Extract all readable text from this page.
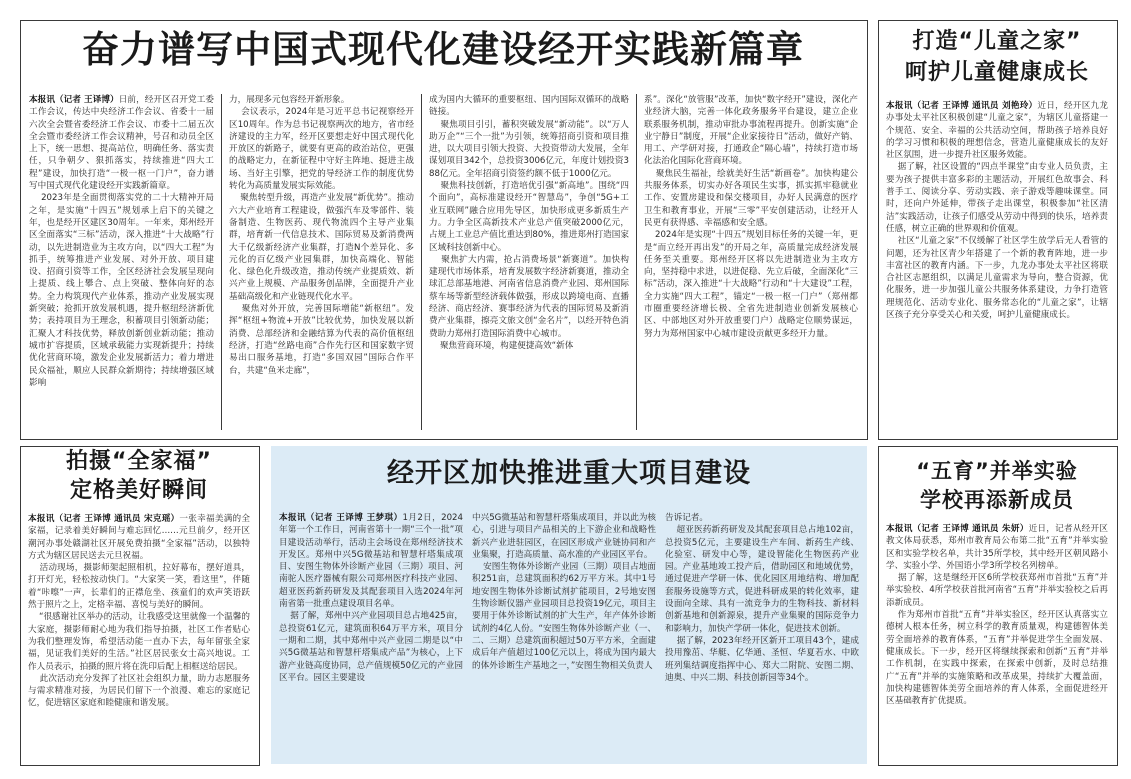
奋力谱写中国式现代化建设经开实践新篇章
本报讯（记者 王译博）日前，经开区召开党工委工作会议，传达中央经济工作会议、省委十一届六次全会暨省委经济工作会议、市委十二届五次全会暨市委经济工作会议精神，号召和动员全区上下，统一思想、提高站位，明确任务、落实责任，只争朝夕、狠抓落实，持续推进“四大工程”建设，加快打造“一极一枢一门户”，奋力谱写中国式现代化建设经开实践新篇章。
2023年是全面贯彻落实党的二十大精神开局之年，是实施“十四五”规划承上启下的关键之年，也是经开区建区30周年。一年来，郑州经开区全面落实“三标”活动，深入推进“十大战略”行动，以先进制造业为主攻方向，以“四大工程”为抓手，统筹推进产业发展、对外开放、项目建设、招商引资等工作，全区经济社会发展呈现向上提质、线上攀合、点上突破、整体向好的态势。全力构筑现代产业体系，推动产业发展实现新突破；抢抓开放发展机遇，提升枢纽经济新优势；表持项目为王理念，积蓄项目引领新动能；汇聚人才科技优势，释放创新创业新动能；推动城市扩容提质，区域承载能力实现新提升；持续优化营商环境，激发企业发展新活力；着力增进民众福祉，顺应人民群众新期待；持续增强区域影响
力，展现多元包容经开新形象。
会议表示，2024年是习近平总书记视察经开区10周年。作为总书记视察两次的地方，省市经济建设的主力军，经开区要想走好中国式现代化开放区的新路子，就要有更高的政治站位，更强的战略定力，在新征程中守好主阵地、挺进主战场、当好主引擎，把党的导经济工作的制度优势转化为高质量发展实际效能。
聚焦转型升级，再造产业发展“新优势”。推动六大产业培育工程建设，做强汽车及零部件、装备制造、生物医药、现代物流四个主导产业集群，培育新一代信息技术、国际贸易及新消费两大千亿级新经济产业集群，打造N个差异化、多元化的百亿级产业园集群，加快高端化、智能化、绿色化升级改造，推动传统产业提质效、新兴产业上规模、产品服务创品牌，全面提升产业基础高级化和产业链现代化水平。
聚焦对外开放，完善国际增能“新枢纽”。发挥“枢纽+物流+开放”比较优势，加快发展以新消费、总部经济和金融结算为代表的高价值枢纽经济，打造“丝路电商”合作先行区和国家数字贸易出口服务基地，打造“多国双园”国际合作平台，共建“鱼米走廊”，
成为国内大循环的重要枢纽、国内国际双循环的战略链接。
聚焦项目引引，蓄积突破发展“新动能”。以“万人助万企”“三个一批”为引领，统筹招商引资和项目推进，以大项目引领大投资、大投资带动大发展，全年谋划项目342个，总投资3006亿元，年度计划投资388亿元。全年招商引资签约额不低于1000亿元。
聚焦科技创新，打造培优引强“新高地”。围绕“四个面向”，高标准建设经开“智慧岛”，争创“5G+工业互联网”融合应用先导区，加快形成更多新质生产力。力争全区高新技术产业总产值突破2000亿元，占规上工业总产值比重达到80%，推进郑州打造国家区域科技创新中心。
聚焦扩大内需，抢占消费场景“新赛道”。加快构建现代市场体系，培育发展数字经济新赛道，推动全球汇总部基地港、河南省信息消费产业园、郑州国际蔡车场等新型经济载体做强，形成以跨境电商、直播经济、商店经济、赛事经济为代表的国际贸易及新消费产业集群，擦亮文旅文创“金名片”，以经开特色消费助力郑州打造国际消费中心城市。
聚焦营商环境，构建便捷高效“新体
系”。深化“放管服”改革，加快“数字经开”建设，深化产业经济大脑，完善一体化政务服务平台建设，建立企业联系服务机制，推动审批办事流程再提升。创新实施“企业宁静日”制度，开展“企业家接待日”活动，做好产销、用工、产学研对接，打通政企“隔心墙”，持续打造市场化法治化国际化营商环境。
聚焦民生福祉，绘就美好生活“新画卷”。加快构建公共服务体系，切实办好各项民生实事，抓实抓牢稳就业工作、安置房建设和保交楼项目，办好人民满意的医疗卫生和教育事业，开展“三零”平安创建活动，让经开人民更有获得感、幸福感和安全感。
2024年是实现“十四五”规划目标任务的关键一年，更是“而立经开再出发”的开局之年，高质量完成经济发展任务至关重要。郑州经开区将以先进制造业为主攻方向，坚持稳中求进，以进促稳、先立后破，全面深化“三标”活动，深入推进“十大战略”行动和“十大建设”工程，全力实施“四大工程”，锚定“一极一枢一门户”（郑州都市圈重要经济增长极、全省先进制造业创新发展核心区、中部地区对外开放重要门户）战略定位顺势谋远，努力为郑州国家中心城市建设贡献更多经开力量。
打造“儿童之家”
呵护儿童健康成长
本报讯（记者 王译博 通讯员 刘艳玲）近日，经开区九龙办事处太平社区积极创建“儿童之家”，为辖区儿童搭建一个规范、安全、幸福的公共活动空间，帮助孩子培养良好的学习习惯和积极的理想信念，营造儿童健康成长的友好社区氛围，进一步提升社区服务效能。
据了解，社区设置的“四点半课堂”由专业人员负责，主要为孩子提供丰富多彩的主题活动，开展红色故事会、科普手工、阅读分享、劳动实践、亲子游戏等趣味课堂。同时，还向户外延伸，带孩子走出课堂，积极参加“社区清洁”实践活动，让孩子们感受从劳动中得到的快乐，培养责任感，树立正确的世界观和价值观。
社区“儿童之家”不仅缓解了社区学生放学后无人看管的问题，还为社区青少年搭建了一个新的教育阵地，进一步丰富社区的教育内涵。下一步，九龙办事处太平社区将联合社区志愿组织，以满足儿童需求为导向，整合资源，优化服务，进一步加强儿童公共服务体系建设，力争打造管理规范化、活动专业化、服务常态化的“儿童之家”，让辖区孩子充分享受关心和关爱，呵护儿童健康成长。
拍摄“全家福”
定格美好瞬间
本报讯（记者 王译博 通讯员 宋克瑶）一张幸福美满的全家福，记录着美好瞬间与难忘回忆……元旦前夕，经开区潮河办事处赣湖社区开展免费拍摄“全家福”活动，以独特方式为辖区居民送去元旦祝福。
活动现场，摄影师架起照相机，拉好幕布，摆好道具，打开灯光，轻松按动快门。“大家笑一笑，看这里”，伴随着“咔嚓”一声，长辈们的正襟危坐、孩童们的欢声笑语跃然于照片之上，定格幸福、喜悦与美好的瞬间。
“很感谢社区举办的活动，让我感受这里就像一个温馨的大家庭，摄影师耐心地为我们指导拍摄，社区工作者贴心为我们整理发饰，希望活动能一直办下去，每年留张全家福，见证我们美好的生活。”社区居民张女士高兴地说。工作人员表示，拍摄的照片将在洗印后配上相框送给居民。
此次活动充分发挥了社区社会组织力量，助力志愿服务与需求精准对接，为居民们留下一个浪漫、难忘的家庭记忆，促进辖区家庭和睦健康和谐发展。
经开区加快推进重大项目建设
本报讯（记者 王译博 王梦琪）1月2日，2024年第一个工作日，河南省第十一期“三个一批”项目建设活动举行，活动主会场设在郑州经济技术开发区。郑州中兴5G微基站和智慧杆塔集成项目、安图生物体外诊断产业园（三期）项目、河南驼人医疗器械有限公司郑州医疗科技产业园、超亚医药新药研发及其配套项目入选2024年河南省第一批重点建设项目名单。
据了解，郑州中兴产业园项目总占地425亩，总投资61亿元，建筑面积64万平方米，项目分一期和二期，其中郑州中兴产业园二期是以“中兴5G微基站和智慧杆塔集成产品”为核心，上下游产业链高度协同，总产值规模50亿元的产业园区平台。园区主要建设
中兴5G微基站和智慧杆塔集成项目，并以此为核心，引进与项目产品相关的上下游企业和战略性新兴产业进驻园区，在园区形成产业链协同和产业集聚，打造高质量、高水准的产业园区平台。
安图生物体外诊断产业园（三期）项目占地面积251亩，总建筑面积约62万平方米。其中1号地安图生物体外诊断试剂扩能项目，2号地安图生物诊断仪器产业园项目总投资19亿元，项目主要用于体外诊断试剂的扩大生产，年产体外诊断试剂约4亿人份。“安图生物体外诊断产业（一、二、三期）总建筑面积超过50万平方米，全面建成后年产值超过100亿元以上，将成为国内最大的体外诊断生产基地之一，”安图生物相关负责人
告诉记者。
超亚医药新药研发及其配套项目总占地102亩，总投资5亿元，主要建设生产车间、新药生产线、化验室、研发中心等，建设智能化生物医药产业园。产业基地竣工投产后，借助园区和地域优势，通过促进产学研一体、优化园区用地结构、增加配套服务设施等方式，促进科研成果的转化效率，建设面向全球、具有一流竞争力的生物科技、新材料创新基地和创新源泉，提升产业集聚的国际竞争力和影响力，加快产学研一体化，促进技术创新。
据了解，2023年经开区新开工项目43个，建成投用豫茁、华艇、亿华通、圣恒、华夏若水、中欧班列集结调度指挥中心、郑大二附院、安图二期、迪奥、中兴二期、科技创新园等34个。
“五育”并举实验
学校再添新成员
本报讯（记者 王译博 通讯员 朱妍）近日，记者从经开区教文体局获悉，郑州市教育局公布第二批“五育”并举实验区和实验学校名单，共计35所学校，其中经开区朝风路小学、实验小学、外国语小学3所学校名列榜单。
据了解，这是继经开区6所学校获郑州市首批“五育”并举实验校、4所学校获首批河南省“五育”并举实验校之后再添新成员。
作为郑州市首批“五育”并举实验区，经开区认真落实立德树人根本任务，树立科学的教育质量观，构建德智体美劳全面培养的教育体系，“五育”并举促进学生全面发展、健康成长。下一步，经开区将继续探索和创新“五育”并举工作机制，在实践中探索，在探索中创新，及时总结推广“五育”并举的实施策略和改革成果，持续扩大覆盖面，加快构建德智体美劳全面培养的育人体系，全面促进经开区基础教育扩优提质。
